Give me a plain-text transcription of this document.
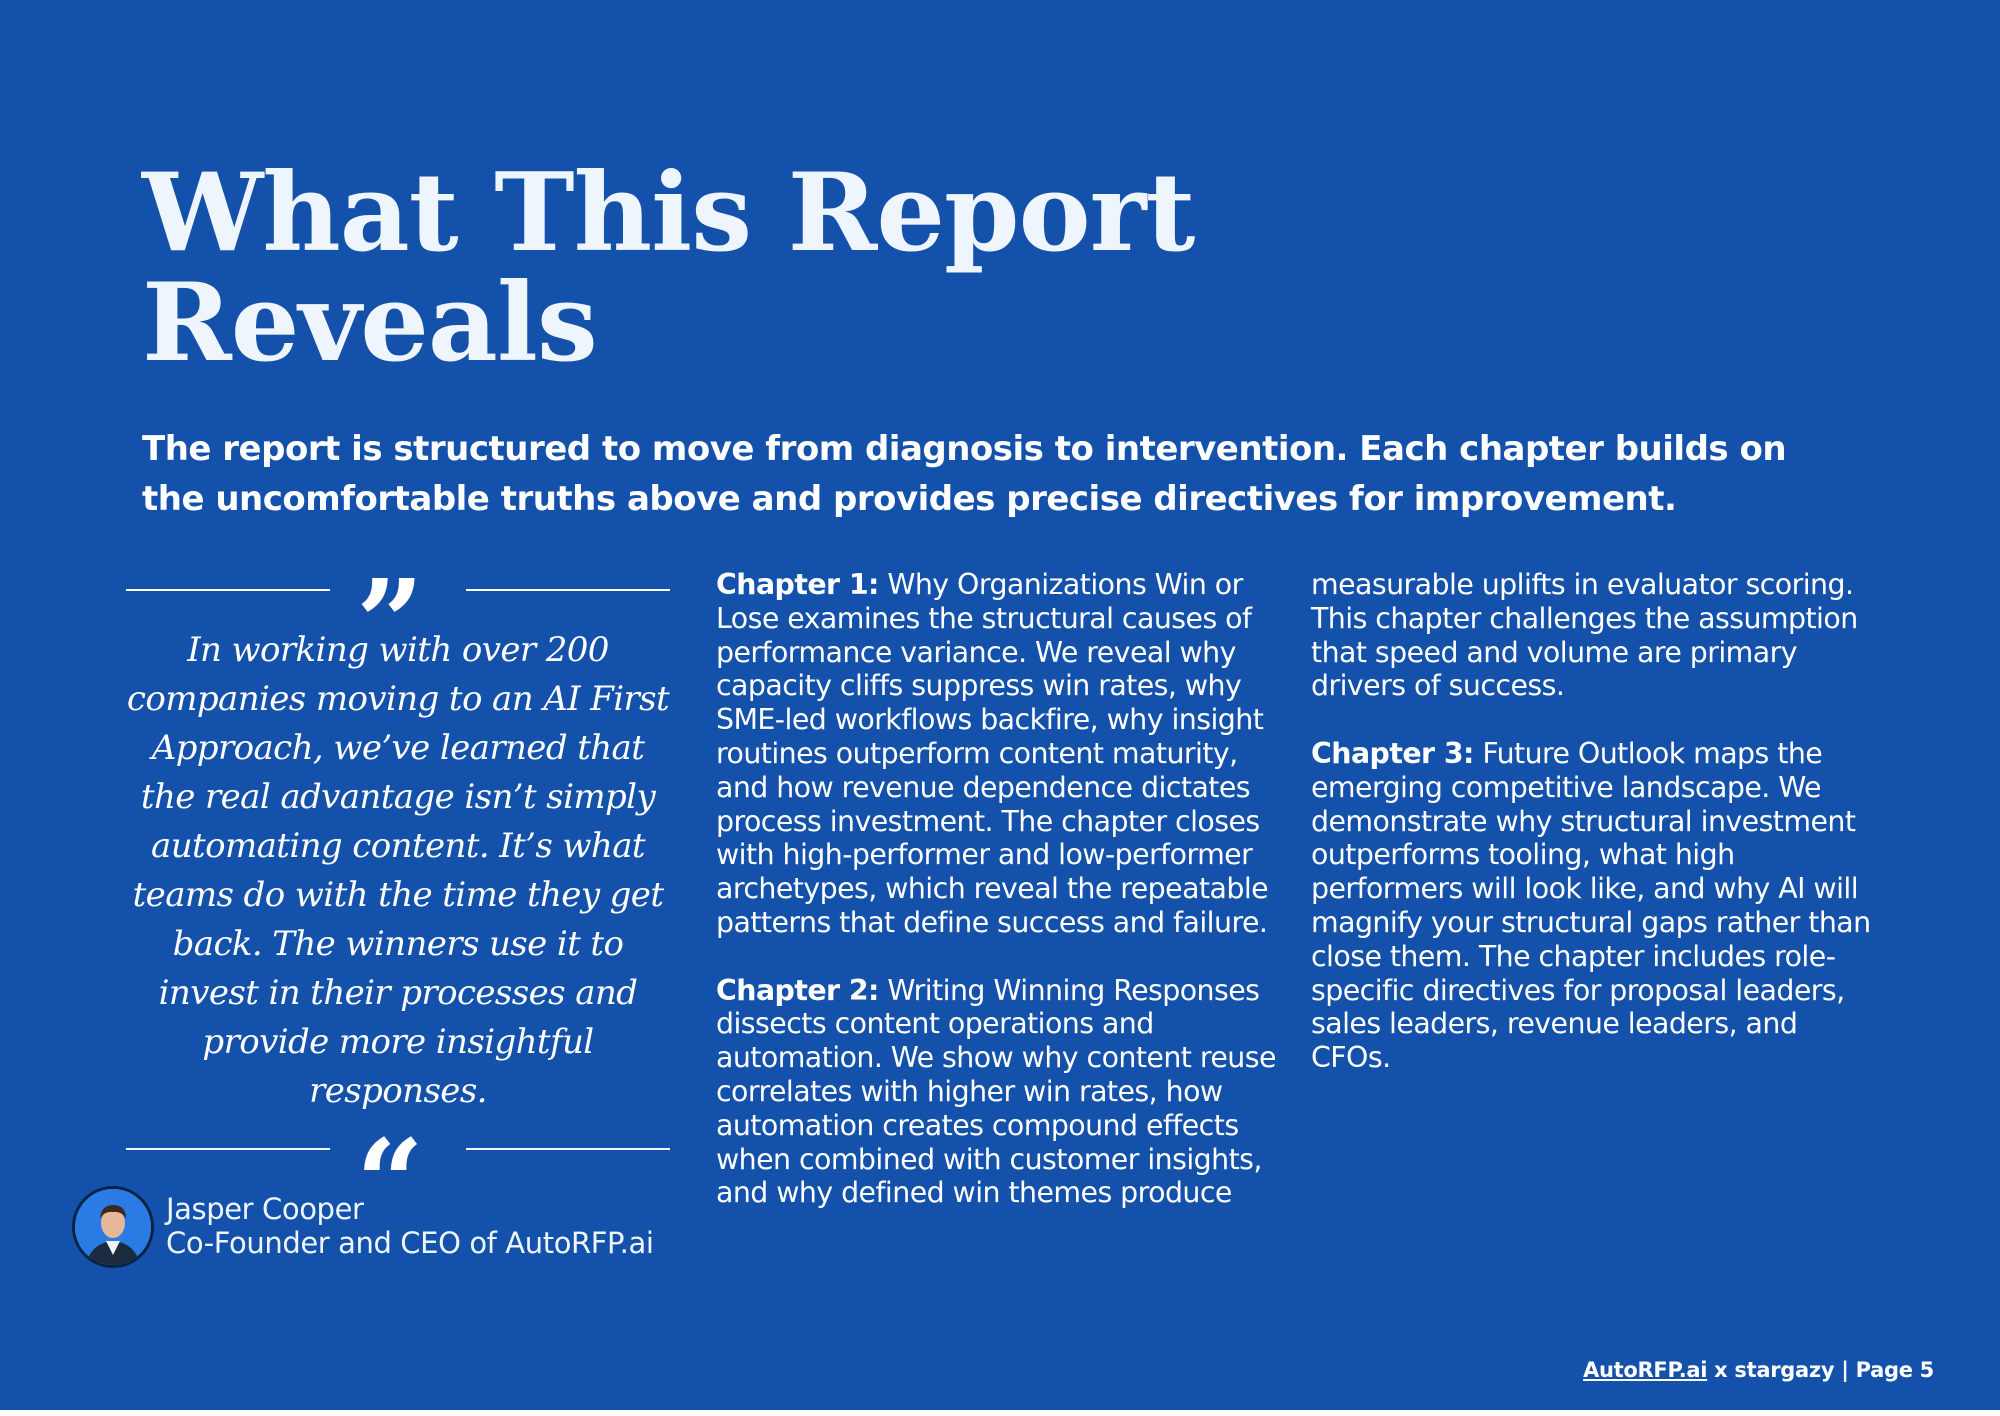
What This Report
Reveals

The report is structured to move from diagnosis to intervention. Each chapter builds on the uncomfortable truths above and provides precise directives for improvement.

”
In working with over 200 companies moving to an AI First Approach, we’ve learned that the real advantage isn’t simply automating content. It’s what teams do with the time they get back. The winners use it to invest in their processes and provide more insightful responses.
“
Jasper Cooper
Co-Founder and CEO of AutoRFP.ai

Chapter 1: Why Organizations Win or Lose examines the structural causes of performance variance. We reveal why capacity cliffs suppress win rates, why SME-led workflows backfire, why insight routines outperform content maturity, and how revenue dependence dictates process investment. The chapter closes with high-performer and low-performer archetypes, which reveal the repeatable patterns that define success and failure.

Chapter 2: Writing Winning Responses dissects content operations and automation. We show why content reuse correlates with higher win rates, how automation creates compound effects when combined with customer insights, and why defined win themes produce

measurable uplifts in evaluator scoring. This chapter challenges the assumption that speed and volume are primary drivers of success.

Chapter 3: Future Outlook maps the emerging competitive landscape. We demonstrate why structural investment outperforms tooling, what high performers will look like, and why AI will magnify your structural gaps rather than close them. The chapter includes role-specific directives for proposal leaders, sales leaders, revenue leaders, and CFOs.

AutoRFP.ai x stargazy | Page 5
